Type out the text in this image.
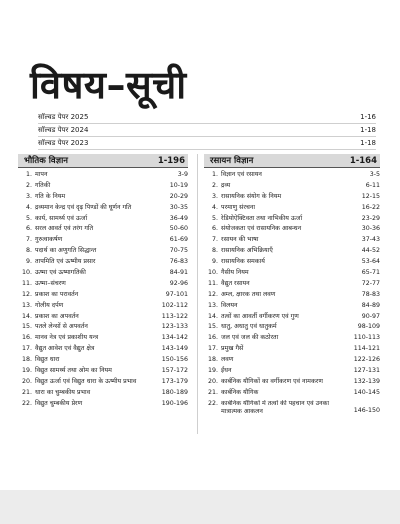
विषय–सूची
सॉल्वड पेपर 2025	1-16
सॉल्वड पेपर 2024	1-18
सॉल्वड पेपर 2023	1-18
भौतिक विज्ञान	1-196
1. मापन	3-9
2. गतिकी	10-19
3. गति के नियम	20-29
4. द्रव्यमान केन्द्र एवं दृढ़ पिण्डों की घूर्णन गति	30-35
5. कार्य, सामर्थ्य एवं ऊर्जा	36-49
6. सरल आवर्त एवं तरंग गति	50-60
7. गुरुत्वाकर्षण	61-69
8. पदार्थ का अणुगति सिद्धान्त	70-75
9. तापमिति एवं ऊष्मीय प्रसार	76-83
10. ऊष्मा एवं ऊष्मागतिकी	84-91
11. ऊष्मा–संचरण	92-96
12. प्रकाश का परावर्तन	97-101
13. गोलीय दर्पण	102-112
14. प्रकाश का अपवर्तन	113-122
15. पतले लेन्सों से अपवर्तन	123-133
16. मानव नेत्र एवं प्रकाशीय यन्त्र	134-142
17. वैद्युत आवेश एवं वैद्युत क्षेत्र	143-149
18. विद्युत धारा	150-156
19. विद्युत सामर्थ्य तथा ओम का नियम	157-172
20. विद्युत ऊर्जा एवं विद्युत धारा के ऊष्मीय प्रभाव	173-179
21. धारा का चुम्बकीय प्रभाव	180-189
22. विद्युत चुम्बकीय प्रेरण	190-196
रसायन विज्ञान	1-164
1. विज्ञान एवं रसायन	3-5
2. द्रव्य	6-11
3. रासायनिक संयोग के नियम	12-15
4. परमाणु संरचना	16-22
5. रेडियोऐक्टिवता तथा नाभिकीय ऊर्जा	23-29
6. संयोजकता एवं रासायनिक आबन्धन	30-36
7. रसायन की भाषा	37-43
8. रासायनिक अभिक्रियाएँ	44-52
9. रासायनिक समकार्य	53-64
10. गैसीय नियम	65-71
11. वैद्युत रसायन	72-77
12. अम्ल, क्षारक तथा लवण	78-83
13. विलयन	84-89
14. तत्वों का आवर्ती वर्गीकरण एवं गुण	90-97
15. धातु, अधातु एवं धातुकर्म	98-109
16. जल एवं जल की कठोरता	110-113
17. प्रमुख गैसें	114-121
18. लवण	122-126
19. ईंधन	127-131
20. कार्बनिक यौगिकों का वर्गीकरण एवं नामकरण	132-139
21. कार्बनिक यौगिक	140-145
22. कार्बनिक यौगिकों में तत्वों की पहचान एवं उनका मात्रात्मक आकलन	146-150
